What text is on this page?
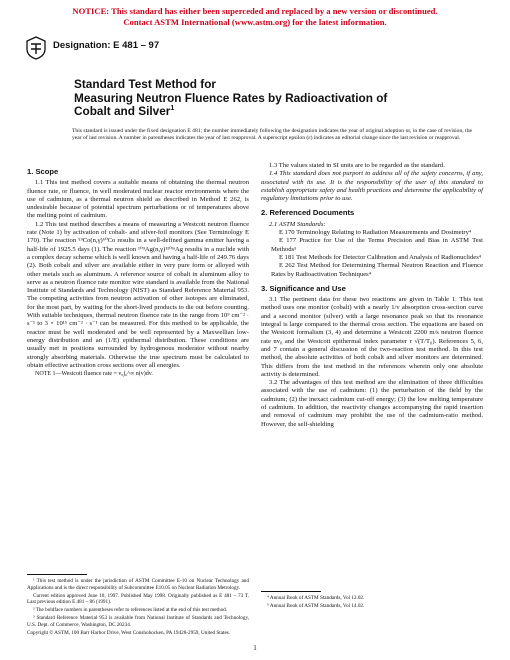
NOTICE: This standard has either been superceded and replaced by a new version or discontinued.
Contact ASTM International (www.astm.org) for the latest information.
Designation: E 481 – 97
Standard Test Method for
Measuring Neutron Fluence Rates by Radioactivation of
Cobalt and Silver$^1$
This standard is issued under the fixed designation E 481; the number immediately following the designation indicates the year of original adoption or, in the case of revision, the year of last revision. A number in parentheses indicates the year of last reapproval. A superscript epsilon (ε) indicates an editorial change since the last revision or reapproval.
1. Scope

1.1 This test method covers a suitable means of obtaining the thermal neutron fluence rate, or fluence, in well moderated nuclear reactor environments where the use of cadmium, as a thermal neutron shield as described in Method E 262, is undesirable because of potential spectrum perturbations or of temperatures above the melting point of cadmium.

1.2 This test method describes a means of measuring a Westcott neutron fluence rate (Note 1) by activation of cobalt- and silver-foil monitors (See Terminology E 170). The reaction ⁵⁹Co(n,γ)⁶⁰Co results in a well-defined gamma emitter having a half-life of 1925.5 days (1). The reaction ¹⁰⁹Ag(n,γ)¹¹⁰ᵐAg results in a nuclide with a complex decay scheme which is well known and having a half-life of 249.76 days (2). Both cobalt and silver are available either in very pure form or alloyed with other metals such as aluminum. A reference source of cobalt in aluminum alloy to serve as a neutron fluence rate monitor wire standard is available from the National Institute of Standards and Technology (NIST) as Standard Reference Material 953. The competing activities from neutron activation of other isotopes are eliminated, for the most part, by waiting for the short-lived products to die out before counting. With suitable techniques, thermal neutron fluence rate in the range from 10⁹ cm⁻² · s⁻¹ to 3 × 10¹⁵ cm⁻² · s⁻¹ can be measured. For this method to be applicable, the reactor must be well moderated and be well represented by a Maxwellian low-energy distribution and an (1/E) epithermal distribution. These conditions are usually met in positions surrounded by hydrogenous moderator without nearby strongly absorbing materials. Otherwise the true spectrum must be calculated to obtain effective activation cross sections over all energies.

NOTE 1—Westcott fluence rate = v₀∫₀^∞ n(v)dv.

1.3 The values stated in SI units are to be regarded as the standard.

1.4 This standard does not purport to address all of the safety concerns, if any, associated with its use. It is the responsibility of the user of this standard to establish appropriate safety and health practices and determine the applicability of regulatory limitations prior to use.

2. Referenced Documents

2.1 ASTM Standards:

E 170 Terminology Relating to Radiation Measurements and Dosimetry⁴

E 177 Practice for Use of the Terms Precision and Bias in ASTM Test Methods⁵

E 181 Test Methods for Detector Calibration and Analysis of Radionuclides⁴

E 262 Test Method for Determining Thermal Neutron Reaction and Fluence Rates by Radioactivation Techniques⁴

3. Significance and Use

3.1 The pertinent data for these two reactions are given in Table 1. This test method uses one monitor (cobalt) with a nearly 1/v absorption cross-section curve and a second monitor (silver) with a large resonance peak so that its resonance integral is large compared to the thermal cross section. The equations are based on the Westcott formalism (3, 4) and determine a Westcott 2200 m/s neutron fluence rate nv₀ and the Westcott epithermal index parameter r √(T/T₀). References 5, 6, and 7 contain a general discussion of the two-reaction test method. In this test method, the absolute activities of both cobalt and silver monitors are determined. This differs from the test method in the references wherein only one absolute activity is determined.

3.2 The advantages of this test method are the elimination of three difficulties associated with the use of cadmium: (1) the perturbation of the field by the cadmium; (2) the inexact cadmium cut-off energy; (3) the low melting temperature of cadmium. In addition, the reactivity changes accompanying the rapid insertion and removal of cadmium may prohibit the use of the cadmium-ratio method. However, the self-shielding

¹ This test method is under the jurisdiction of ASTM Committee E-10 on Nuclear Technology and Applications and is the direct responsibility of Subcommittee E10.05 on Nuclear Radiation Metrology.

Current edition approved June 10, 1997. Published May 1998. Originally published as E 481 – 73 T. Last previous edition E 481 – 86 (1991).

² The boldface numbers in parentheses refer to references listed at the end of this test method.

³ Standard Reference Material 953 is available from National Institute of Standards and Technology, U.S. Dept. of Commerce, Washington, DC 20234.

⁴ Annual Book of ASTM Standards, Vol 12.02.

⁵ Annual Book of ASTM Standards, Vol 14.02.

Copyright © ASTM, 100 Barr Harbor Drive, West Conshohocken, PA 19428-2959, United States.
1
